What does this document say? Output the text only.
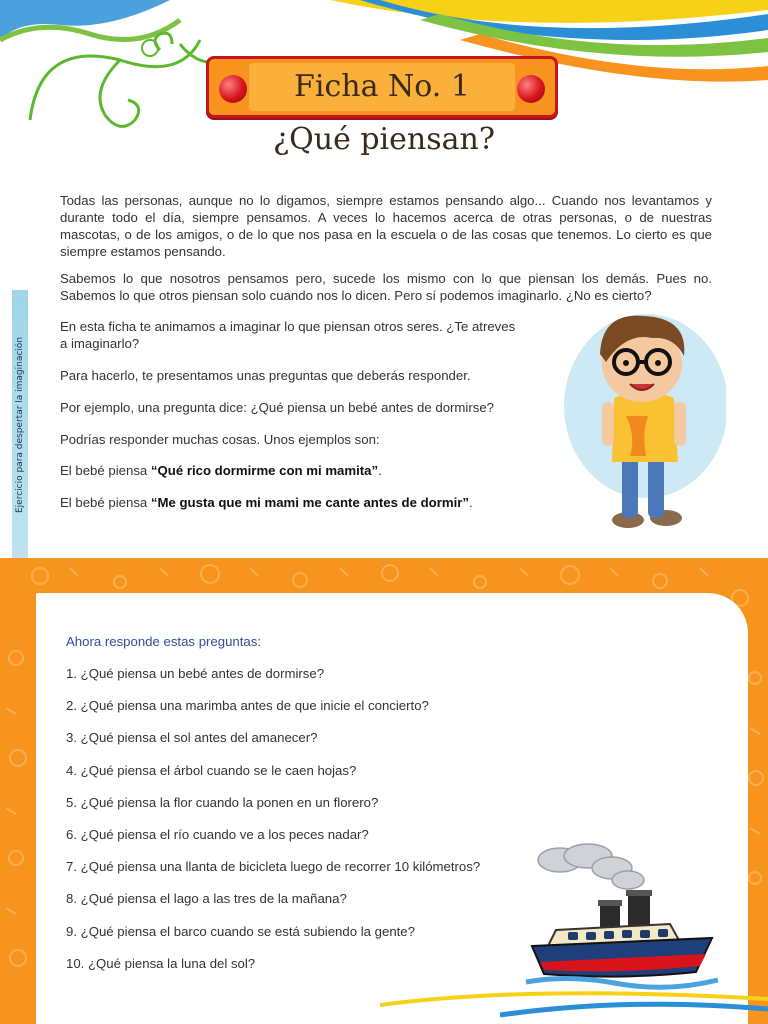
Ejercicio para despertar la imaginación
Ficha No. 1
¿Qué piensan?

Todas las personas, aunque no lo digamos, siempre estamos pensando algo... Cuando nos levantamos y durante todo el día, siempre pensamos. A veces lo hacemos acerca de otras personas, o de nuestras mascotas, o de los amigos, o de lo que nos pasa en la escuela o de las cosas que tenemos. Lo cierto es que siempre estamos pensando.

Sabemos lo que nosotros pensamos pero, sucede los mismo con lo que piensan los demás. Pues no. Sabemos lo que otros piensan solo cuando nos lo dicen. Pero sí podemos imaginarlo. ¿No es cierto?

En esta ficha te animamos a imaginar lo que piensan otros seres. ¿Te atreves a imaginarlo?

Para hacerlo, te presentamos unas preguntas que deberás responder.

Por ejemplo, una pregunta dice: ¿Qué piensa un bebé antes de dormirse?

Podrías responder muchas cosas. Unos ejemplos son:

El bebé piensa “Qué rico dormirme con mi mamita”.

El bebé piensa “Me gusta que mi mami me cante antes de dormir”.

Ahora responde estas preguntas:
1. ¿Qué piensa un bebé antes de dormirse?
2. ¿Qué piensa una marimba antes de que inicie el concierto?
3. ¿Qué piensa el sol antes del amanecer?
4. ¿Qué piensa el árbol cuando se le caen hojas?
5. ¿Qué piensa la flor cuando la ponen en un florero?
6. ¿Qué piensa el río cuando ve a los peces nadar?
7. ¿Qué piensa una llanta de bicicleta luego de recorrer 10 kilómetros?
8. ¿Qué piensa el lago a las tres de la mañana?
9. ¿Qué piensa el barco cuando se está subiendo la gente?
10. ¿Qué piensa la luna del sol?
